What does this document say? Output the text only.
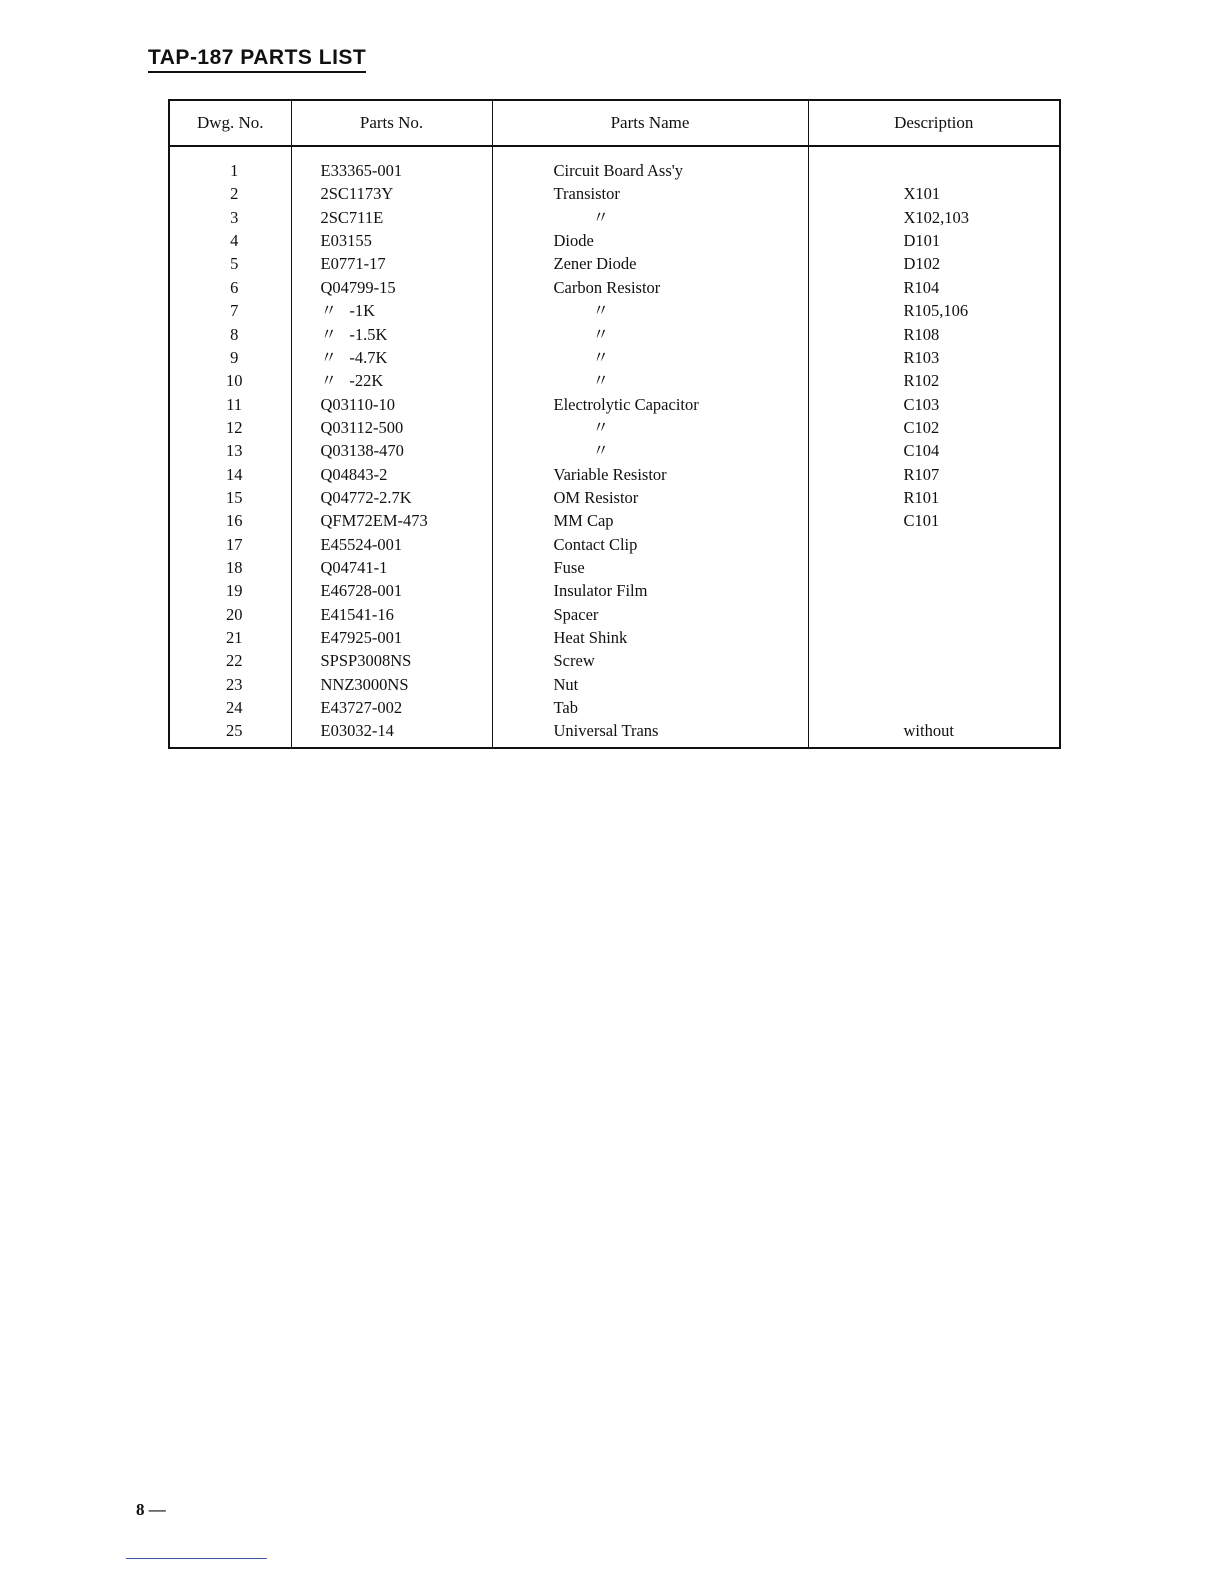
TAP-187 PARTS LIST
Dwg. No.	Parts No.	Parts Name	Description
1	E33365-001	Circuit Board Ass'y	
2	2SC1173Y	Transistor	X101
3	2SC711E	〃	X102,103
4	E03155	Diode	D101
5	E0771-17	Zener Diode	D102
6	Q04799-15	Carbon Resistor	R104
7	〃   -1K	〃	R105,106
8	〃   -1.5K	〃	R108
9	〃   -4.7K	〃	R103
10	〃   -22K	〃	R102
11	Q03110-10	Electrolytic Capacitor	C103
12	Q03112-500	〃	C102
13	Q03138-470	〃	C104
14	Q04843-2	Variable Resistor	R107
15	Q04772-2.7K	OM Resistor	R101
16	QFM72EM-473	MM Cap	C101
17	E45524-001	Contact Clip	
18	Q04741-1	Fuse	
19	E46728-001	Insulator Film	
20	E41541-16	Spacer	
21	E47925-001	Heat Shink	
22	SPSP3008NS	Screw	
23	NNZ3000NS	Nut	
24	E43727-002	Tab	
25	E03032-14	Universal Trans	without
8 —
